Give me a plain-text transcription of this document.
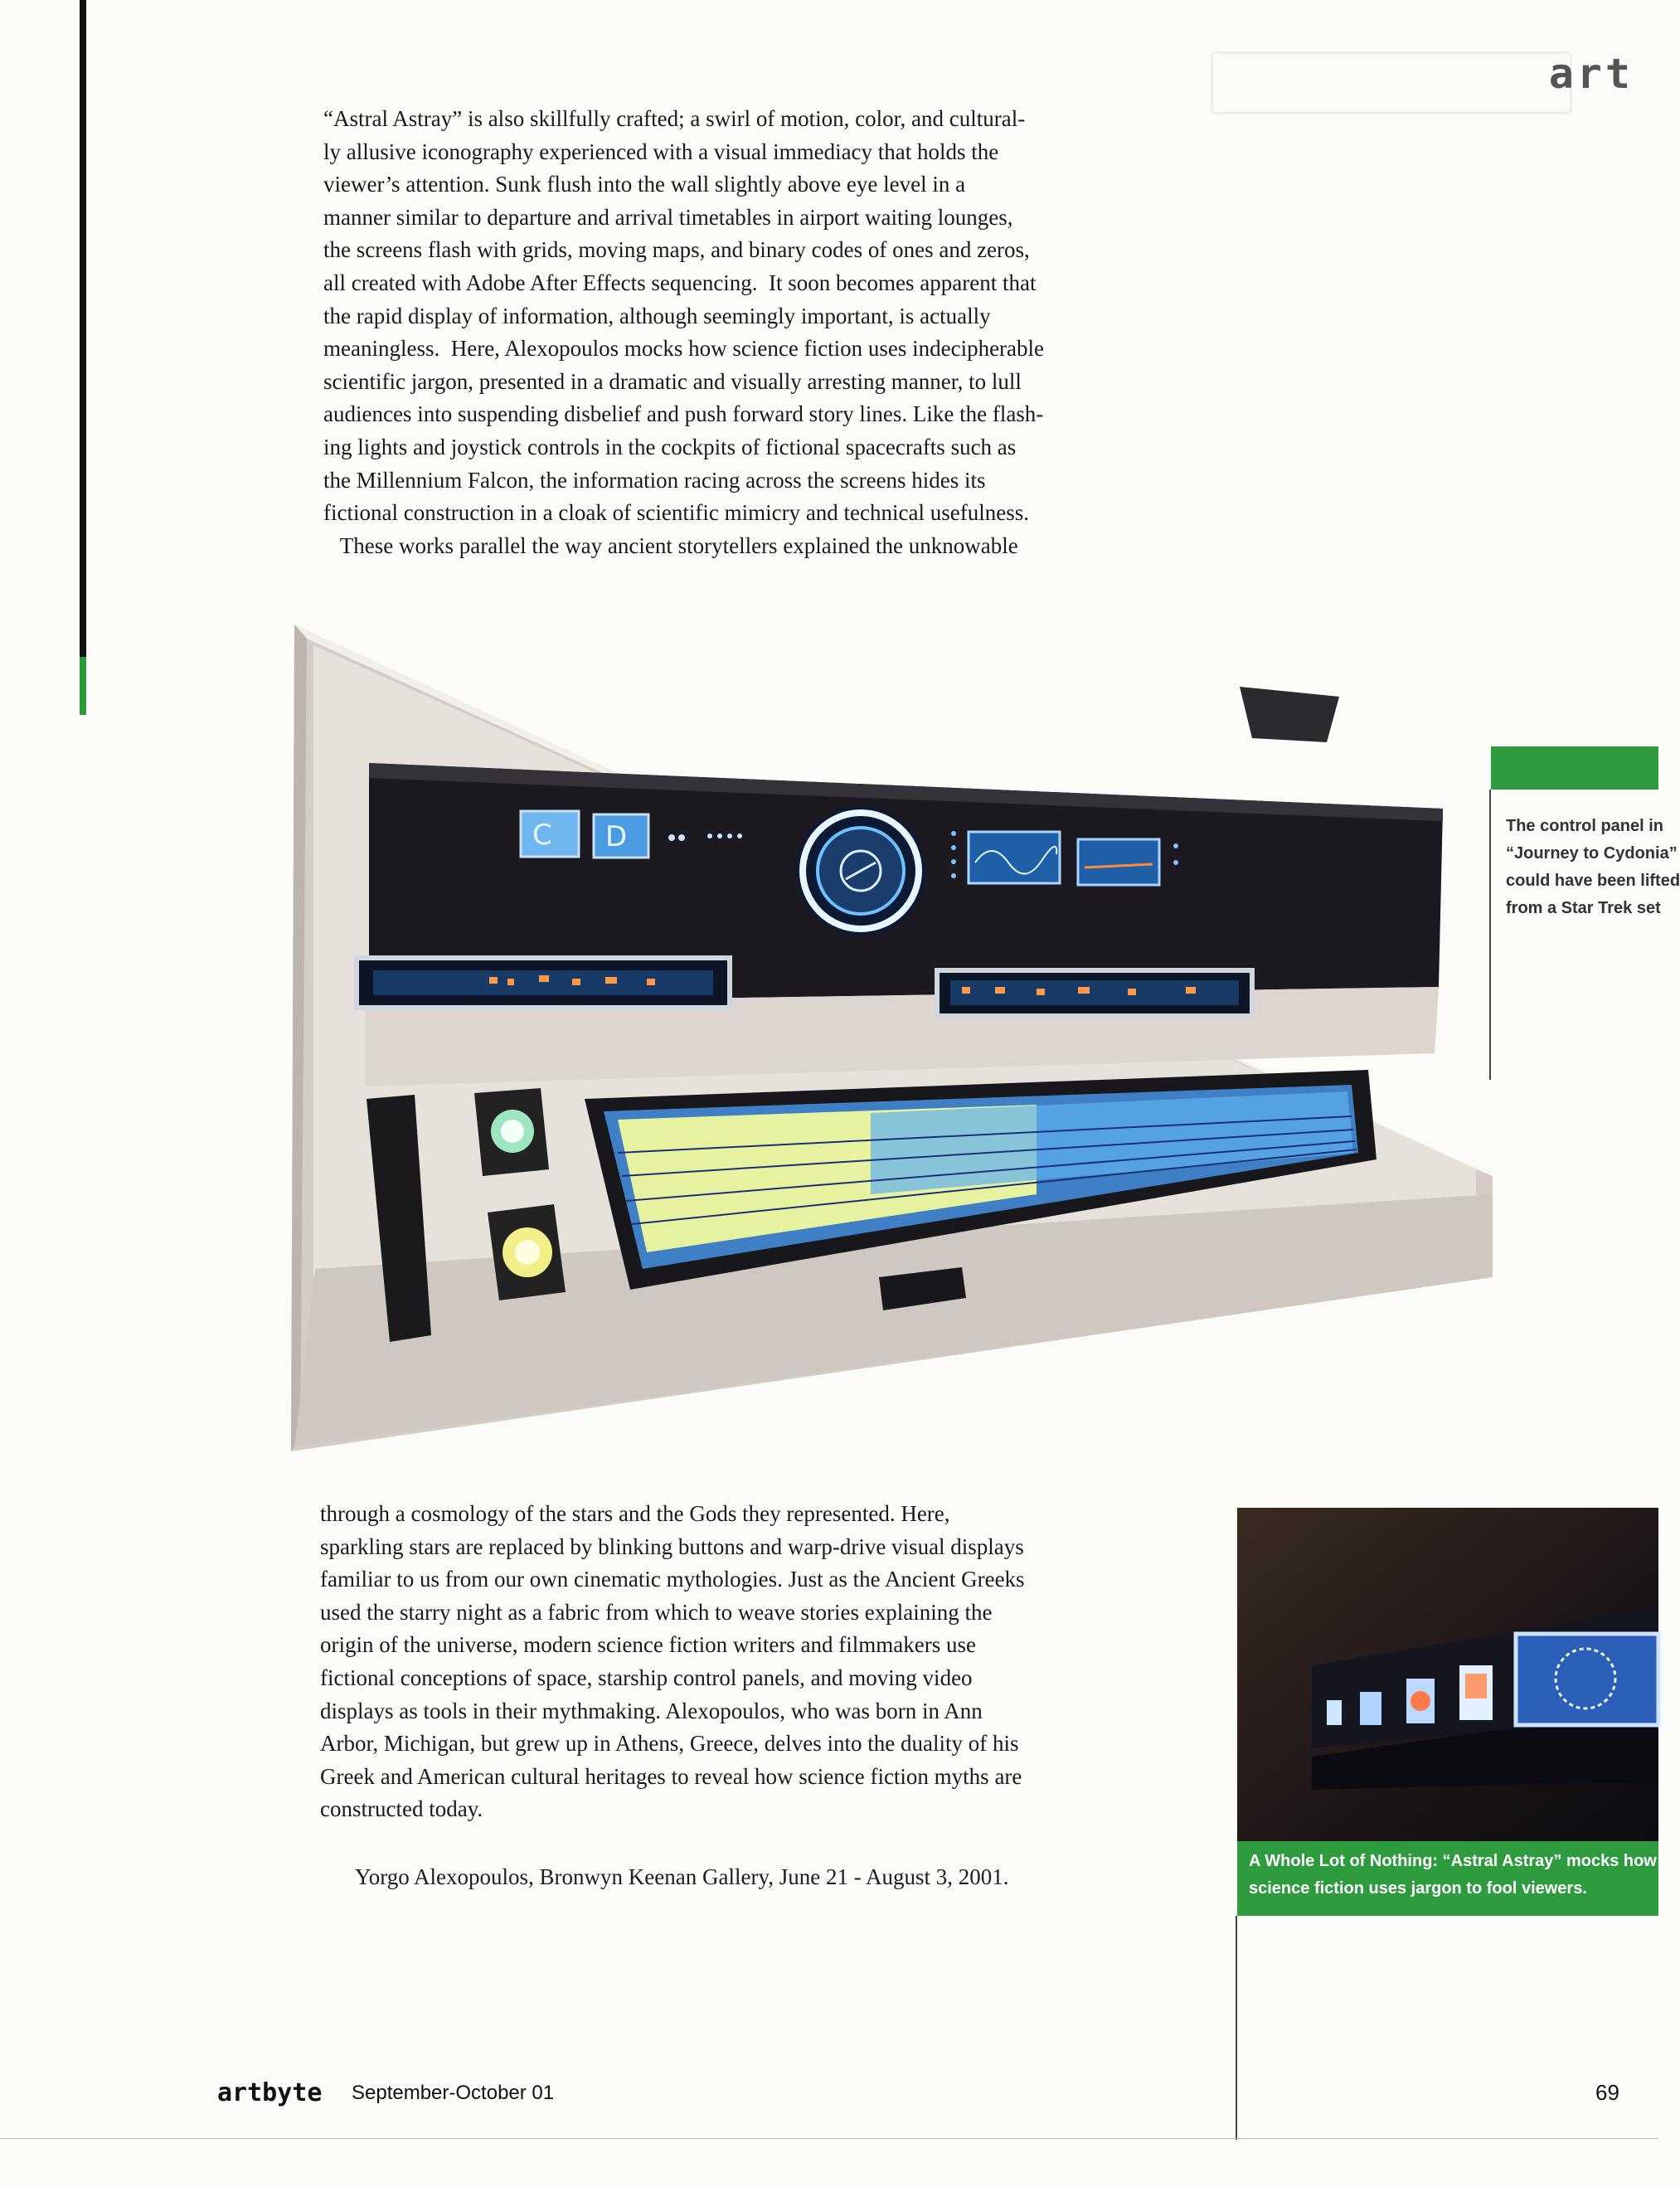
art

“Astral Astray” is also skillfully crafted; a swirl of motion, color, and cultural-
ly allusive iconography experienced with a visual immediacy that holds the
viewer’s attention. Sunk flush into the wall slightly above eye level in a
manner similar to departure and arrival timetables in airport waiting lounges,
the screens flash with grids, moving maps, and binary codes of ones and zeros,
all created with Adobe After Effects sequencing.  It soon becomes apparent that
the rapid display of information, although seemingly important, is actually
meaningless.  Here, Alexopoulos mocks how science fiction uses indecipherable
scientific jargon, presented in a dramatic and visually arresting manner, to lull
audiences into suspending disbelief and push forward story lines. Like the flash-
ing lights and joystick controls in the cockpits of fictional spacecrafts such as
the Millennium Falcon, the information racing across the screens hides its
fictional construction in a cloak of scientific mimicry and technical usefulness.
These works parallel the way ancient storytellers explained the unknowable

C D	The control panel in
“Journey to Cydonia”
could have been lifted
from a Star Trek set

through a cosmology of the stars and the Gods they represented. Here,
sparkling stars are replaced by blinking buttons and warp-drive visual displays
familiar to us from our own cinematic mythologies. Just as the Ancient Greeks
used the starry night as a fabric from which to weave stories explaining the
origin of the universe, modern science fiction writers and filmmakers use
fictional conceptions of space, starship control panels, and moving video
displays as tools in their mythmaking. Alexopoulos, who was born in Ann
Arbor, Michigan, but grew up in Athens, Greece, delves into the duality of his
Greek and American cultural heritages to reveal how science fiction myths are
constructed today.

Yorgo Alexopoulos, Bronwyn Keenan Gallery, June 21 - August 3, 2001.
A Whole Lot of Nothing: “Astral Astray” mocks how
science fiction uses jargon to fool viewers.
artbyte September-October 01	69
